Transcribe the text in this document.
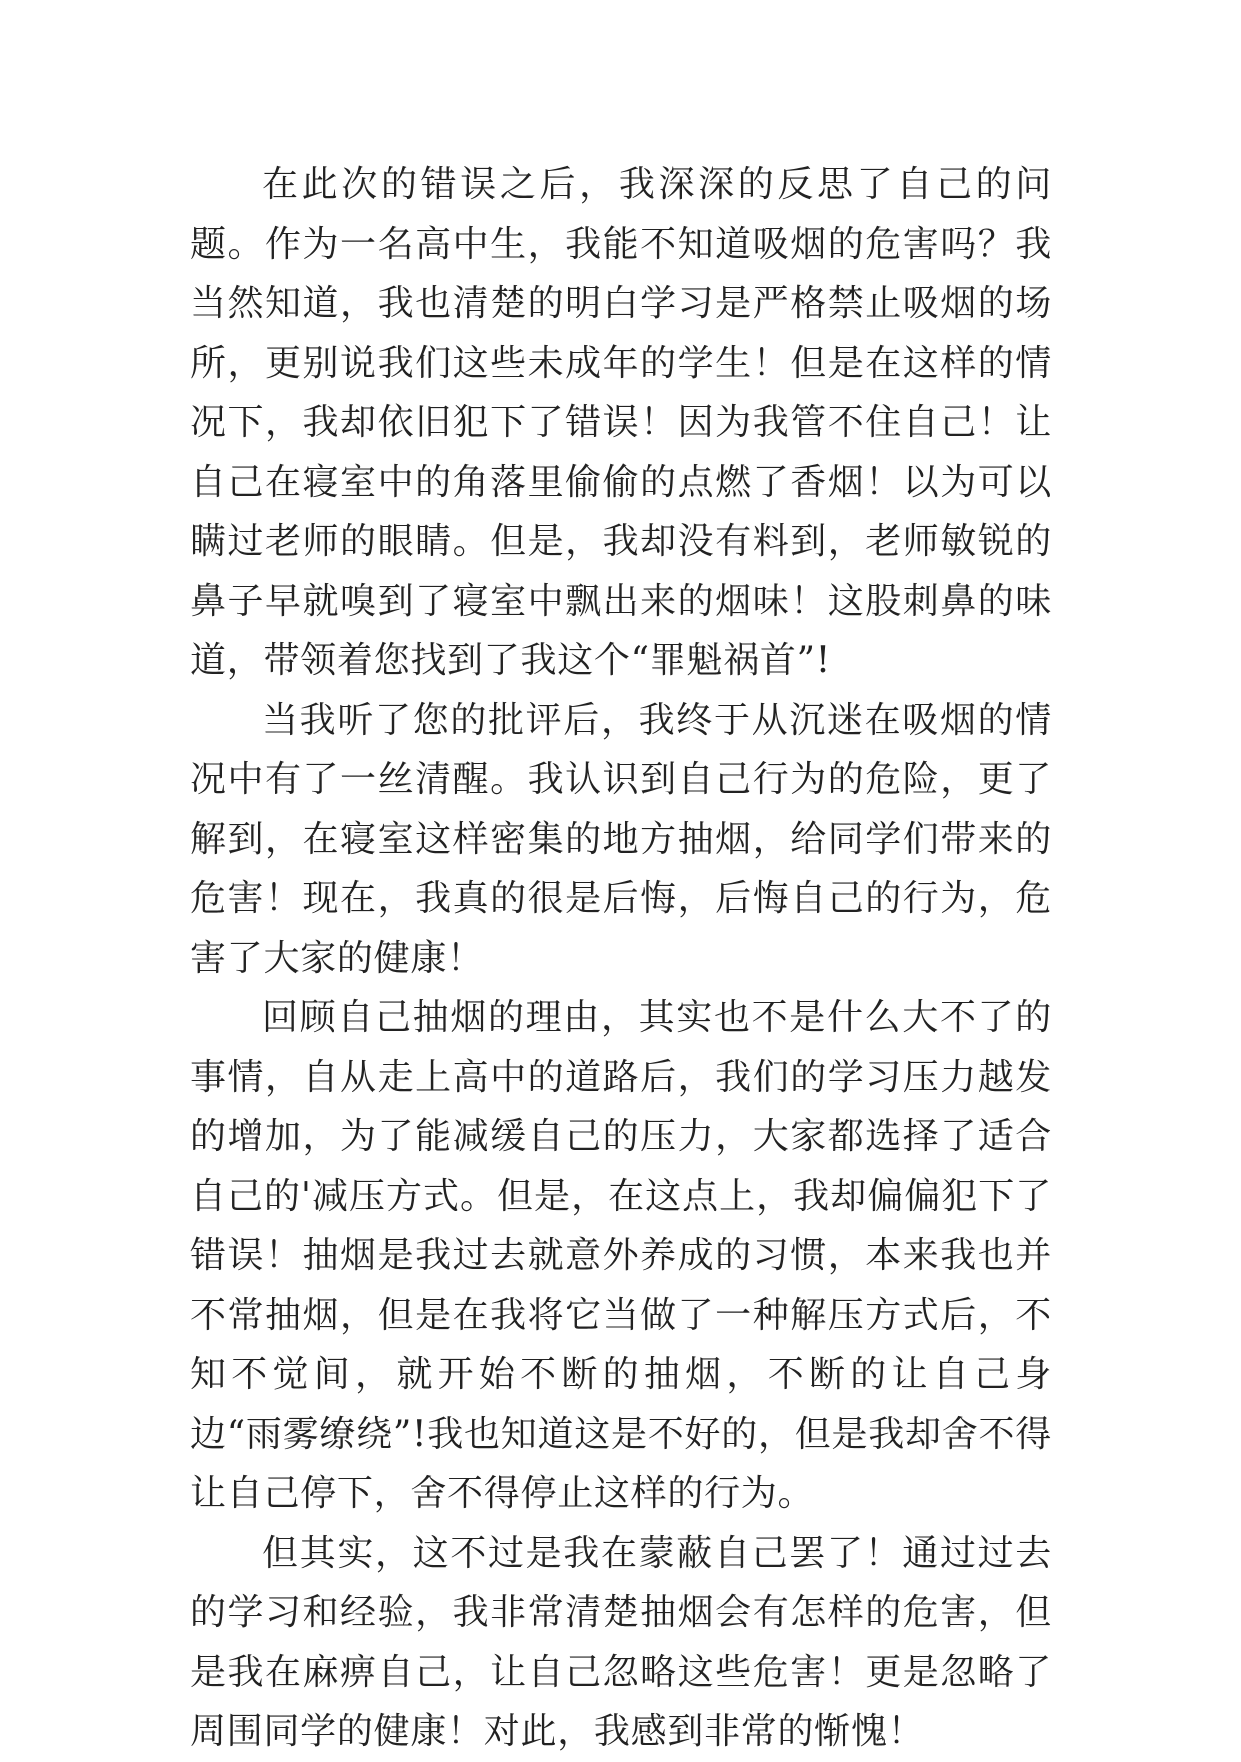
在此次的错误之后，我深深的反思了自己的问题。作为一名高中生，我能不知道吸烟的危害吗？我当然知道，我也清楚的明白学习是严格禁止吸烟的场所，更别说我们这些未成年的学生！但是在这样的情况下，我却依旧犯下了错误！因为我管不住自己！让自己在寝室中的角落里偷偷的点燃了香烟！以为可以瞒过老师的眼睛。但是，我却没有料到，老师敏锐的鼻子早就嗅到了寝室中飘出来的烟味！这股刺鼻的味道，带领着您找到了我这个“罪魁祸首”!

当我听了您的批评后，我终于从沉迷在吸烟的情况中有了一丝清醒。我认识到自己行为的危险，更了解到，在寝室这样密集的地方抽烟，给同学们带来的危害！现在，我真的很是后悔，后悔自己的行为，危害了大家的健康！

回顾自己抽烟的理由，其实也不是什么大不了的事情，自从走上高中的道路后，我们的学习压力越发的增加，为了能减缓自己的压力，大家都选择了适合自己的'减压方式。但是，在这点上，我却偏偏犯下了错误！抽烟是我过去就意外养成的习惯，本来我也并不常抽烟，但是在我将它当做了一种解压方式后，不知不觉间，就开始不断的抽烟，不断的让自己身边“雨雾缭绕”!我也知道这是不好的，但是我却舍不得让自己停下，舍不得停止这样的行为。

但其实，这不过是我在蒙蔽自己罢了！通过过去的学习和经验，我非常清楚抽烟会有怎样的危害，但是我在麻痹自己，让自己忽略这些危害！更是忽略了周围同学的健康！对此，我感到非常的惭愧！
